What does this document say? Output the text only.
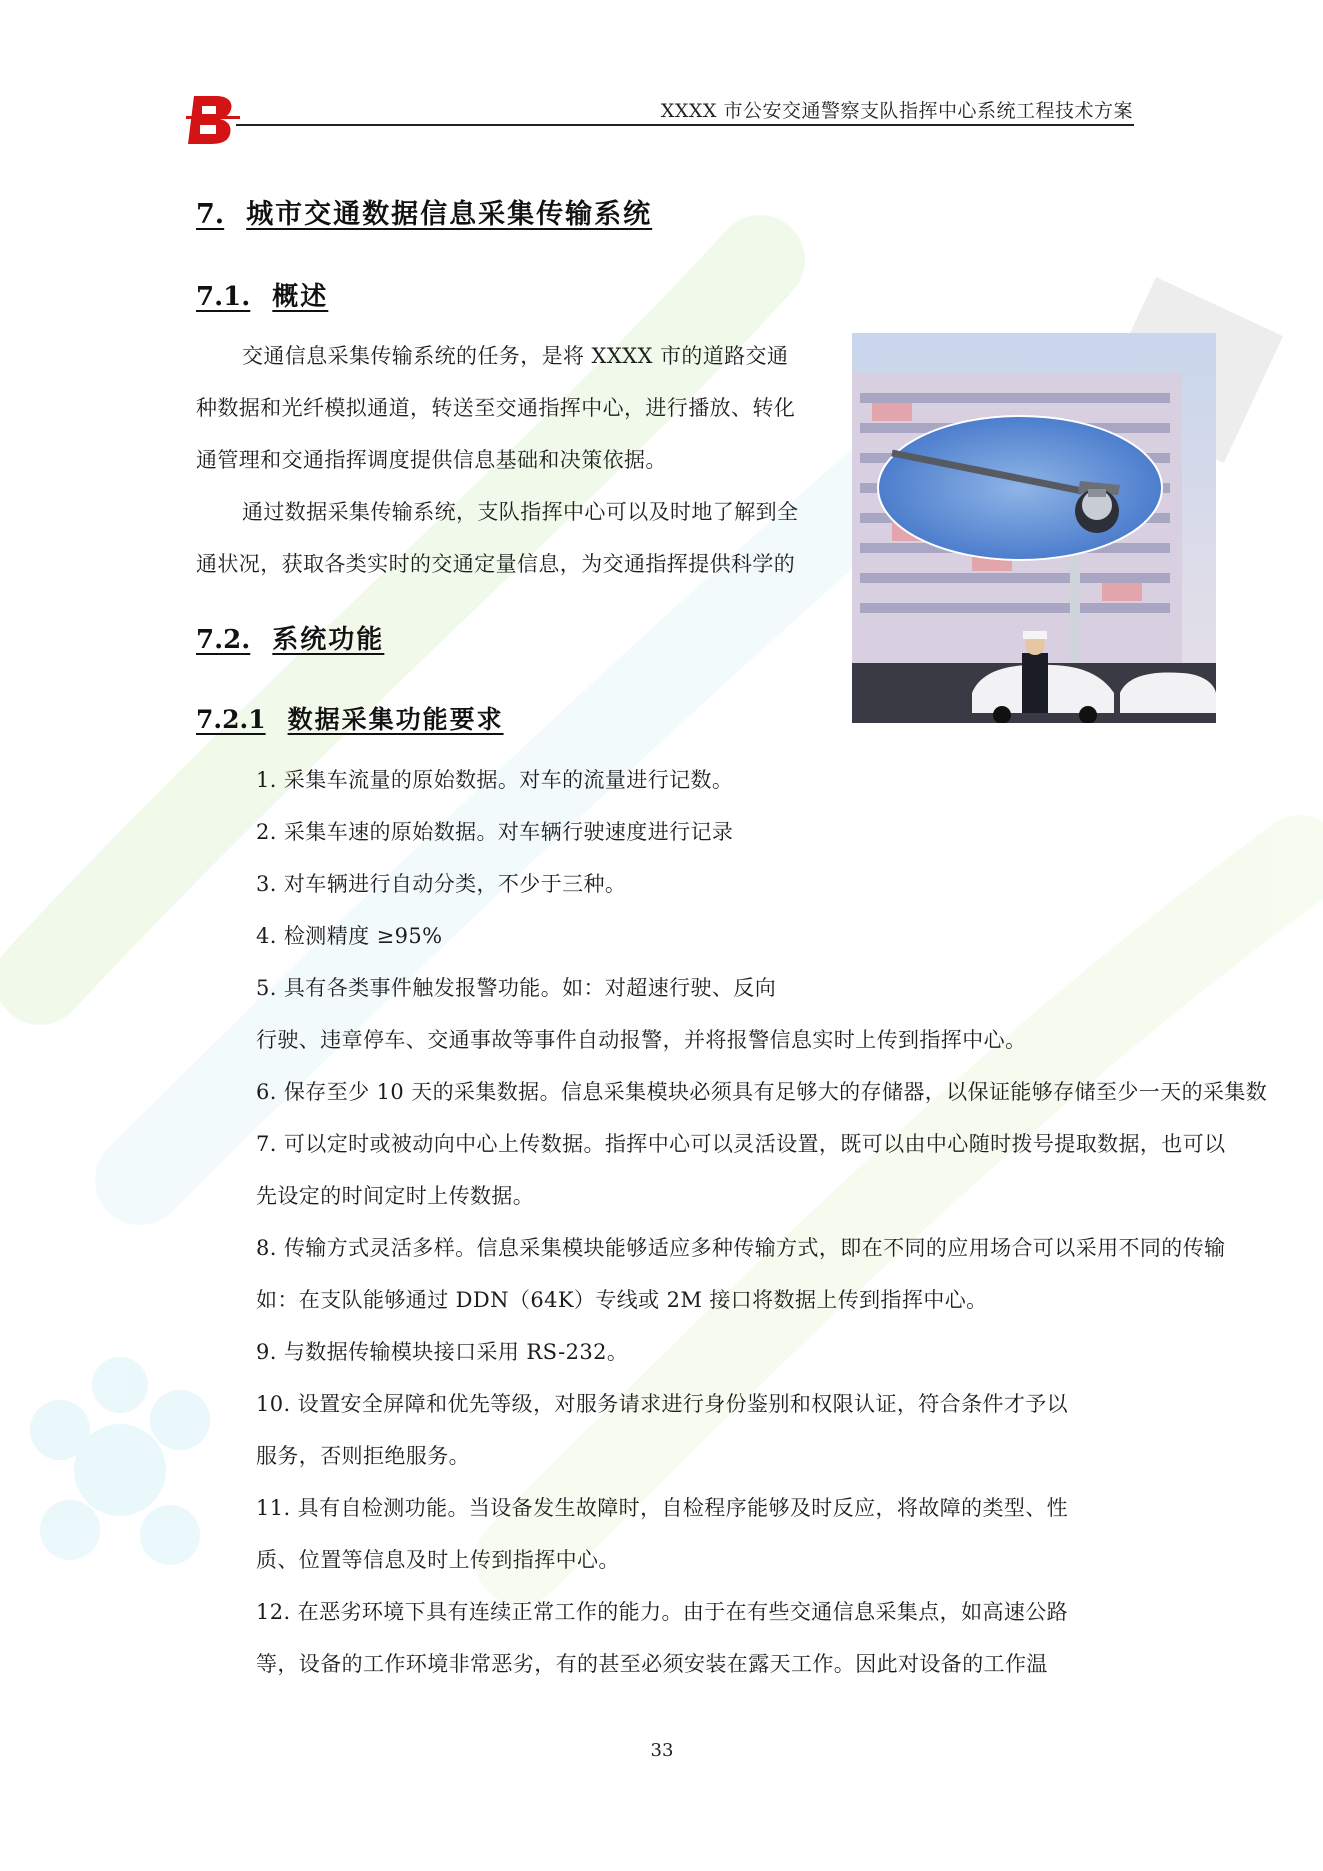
XXXX 市公安交通警察支队指挥中心系统工程技术方案
7. 城市交通数据信息采集传输系统
7.1. 概述
交通信息采集传输系统的任务，是将 XXXX 市的道路交通
种数据和光纤模拟通道，转送至交通指挥中心，进行播放、转化
通管理和交通指挥调度提供信息基础和决策依据。
通过数据采集传输系统，支队指挥中心可以及时地了解到全
通状况，获取各类实时的交通定量信息，为交通指挥提供科学的
7.2. 系统功能
7.2.1 数据采集功能要求
1. 采集车流量的原始数据。对车的流量进行记数。
2. 采集车速的原始数据。对车辆行驶速度进行记录
3. 对车辆进行自动分类，不少于三种。
4. 检测精度 ≥95%
5. 具有各类事件触发报警功能。如：对超速行驶、反向
行驶、违章停车、交通事故等事件自动报警，并将报警信息实时上传到指挥中心。
6. 保存至少 10 天的采集数据。信息采集模块必须具有足够大的存储器，以保证能够存储至少一天的采集数
7. 可以定时或被动向中心上传数据。指挥中心可以灵活设置，既可以由中心随时拨号提取数据，也可以
先设定的时间定时上传数据。
8. 传输方式灵活多样。信息采集模块能够适应多种传输方式，即在不同的应用场合可以采用不同的传输
如：在支队能够通过 DDN（64K）专线或 2M 接口将数据上传到指挥中心。
9. 与数据传输模块接口采用 RS-232。
10. 设置安全屏障和优先等级，对服务请求进行身份鉴别和权限认证，符合条件才予以
服务，否则拒绝服务。
11. 具有自检测功能。当设备发生故障时，自检程序能够及时反应，将故障的类型、性
质、位置等信息及时上传到指挥中心。
12. 在恶劣环境下具有连续正常工作的能力。由于在有些交通信息采集点，如高速公路
等，设备的工作环境非常恶劣，有的甚至必须安装在露天工作。因此对设备的工作温
33
